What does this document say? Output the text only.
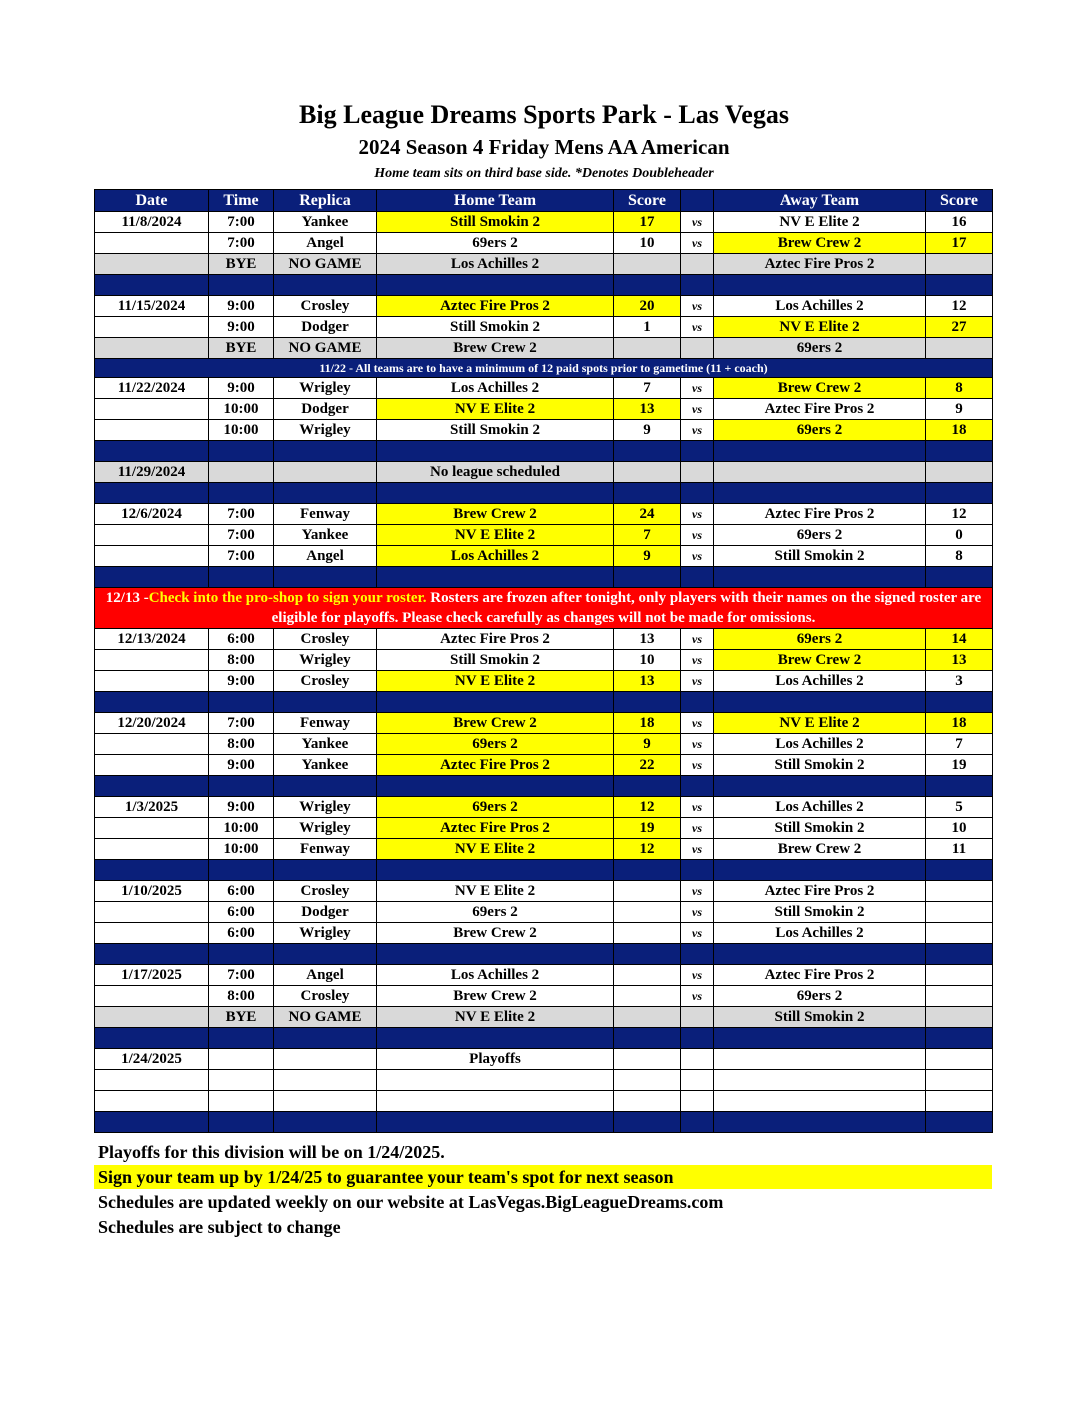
Big League Dreams Sports Park - Las Vegas
2024 Season 4 Friday Mens AA American
Home team sits on third base side. *Denotes Doubleheader
Date	Time	Replica	Home Team	Score		Away Team	Score
11/8/2024	7:00	Yankee	Still Smokin 2	17	vs	NV E Elite 2	16
	7:00	Angel	69ers 2	10	vs	Brew Crew 2	17
	BYE	NO GAME	Los Achilles 2			Aztec Fire Pros 2	

11/15/2024	9:00	Crosley	Aztec Fire Pros 2	20	vs	Los Achilles 2	12
	9:00	Dodger	Still Smokin 2	1	vs	NV E Elite 2	27
	BYE	NO GAME	Brew Crew 2			69ers 2	
11/22 - All teams are to have a minimum of 12 paid spots prior to gametime (11 + coach)							
11/22/2024	9:00	Wrigley	Los Achilles 2	7	vs	Brew Crew 2	8
	10:00	Dodger	NV E Elite 2	13	vs	Aztec Fire Pros 2	9
	10:00	Wrigley	Still Smokin 2	9	vs	69ers 2	18

11/29/2024			No league scheduled				

12/6/2024	7:00	Fenway	Brew Crew 2	24	vs	Aztec Fire Pros 2	12
	7:00	Yankee	NV E Elite 2	7	vs	69ers 2	0
	7:00	Angel	Los Achilles 2	9	vs	Still Smokin 2	8

12/13 -Check into the pro-shop to sign your roster. Rosters are frozen after tonight, only players with their names on the signed roster are eligible for playoffs. Please check carefully as changes will not be made for omissions.							
12/13/2024	6:00	Crosley	Aztec Fire Pros 2	13	vs	69ers 2	14
	8:00	Wrigley	Still Smokin 2	10	vs	Brew Crew 2	13
	9:00	Crosley	NV E Elite 2	13	vs	Los Achilles 2	3

12/20/2024	7:00	Fenway	Brew Crew 2	18	vs	NV E Elite 2	18
	8:00	Yankee	69ers 2	9	vs	Los Achilles 2	7
	9:00	Yankee	Aztec Fire Pros 2	22	vs	Still Smokin 2	19

1/3/2025	9:00	Wrigley	69ers 2	12	vs	Los Achilles 2	5
	10:00	Wrigley	Aztec Fire Pros 2	19	vs	Still Smokin 2	10
	10:00	Fenway	NV E Elite 2	12	vs	Brew Crew 2	11

1/10/2025	6:00	Crosley	NV E Elite 2		vs	Aztec Fire Pros 2	
	6:00	Dodger	69ers 2		vs	Still Smokin 2	
	6:00	Wrigley	Brew Crew 2		vs	Los Achilles 2	

1/17/2025	7:00	Angel	Los Achilles 2		vs	Aztec Fire Pros 2	
	8:00	Crosley	Brew Crew 2		vs	69ers 2	
	BYE	NO GAME	NV E Elite 2			Still Smokin 2	

1/24/2025			Playoffs				

Playoffs for this division will be on 1/24/2025.
Sign your team up by 1/24/25 to guarantee your team's spot for next season
Schedules are updated weekly on our website at LasVegas.BigLeagueDreams.com
Schedules are subject to change
